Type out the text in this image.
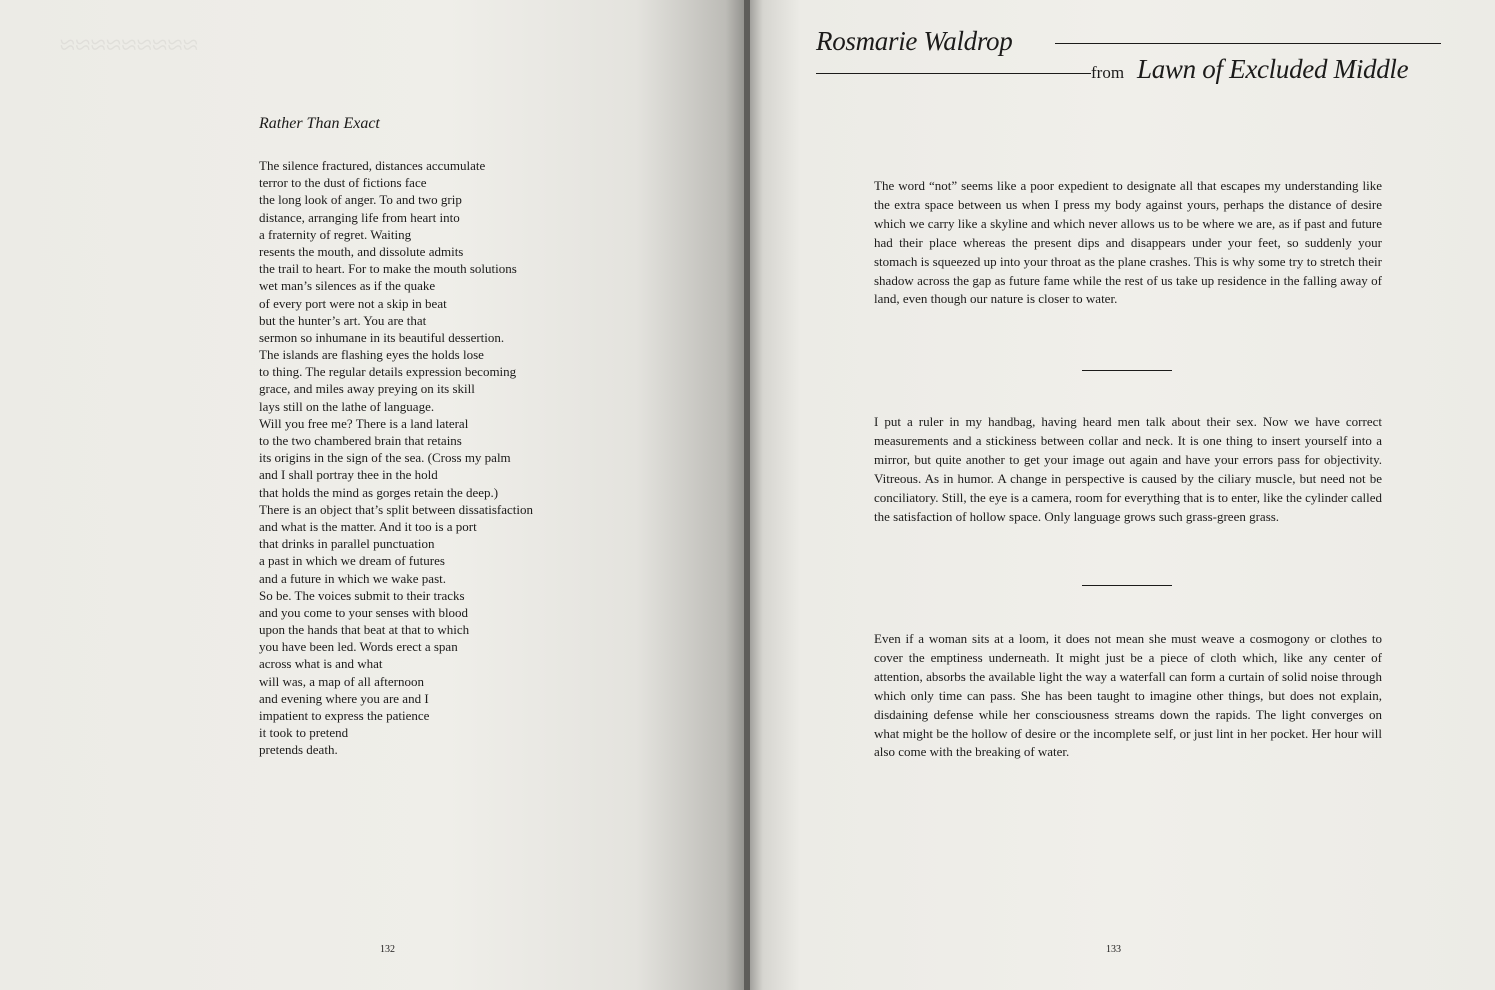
≈≈≈≈≈≈≈≈≈
Rather Than Exact
The silence fractured, distances accumulate
terror to the dust of fictions face
the long look of anger. To and two grip
distance, arranging life from heart into
a fraternity of regret. Waiting
resents the mouth, and dissolute admits
the trail to heart. For to make the mouth solutions
wet man’s silences as if the quake
of every port were not a skip in beat
but the hunter’s art. You are that
sermon so inhumane in its beautiful dessertion.
The islands are flashing eyes the holds lose
to thing. The regular details expression becoming
grace, and miles away preying on its skill
lays still on the lathe of language.
Will you free me? There is a land lateral
to the two chambered brain that retains
its origins in the sign of the sea. (Cross my palm
and I shall portray thee in the hold
that holds the mind as gorges retain the deep.)
There is an object that’s split between dissatisfaction
and what is the matter. And it too is a port
that drinks in parallel punctuation
a past in which we dream of futures
and a future in which we wake past.
So be. The voices submit to their tracks
and you come to your senses with blood
upon the hands that beat at that to which
you have been led. Words erect a span
across what is and what
will was, a map of all afternoon
and evening where you are and I
impatient to express the patience
it took to pretend
pretends death.
132
Rosmarie Waldrop
from Lawn of Excluded Middle

The word “not” seems like a poor expedient to designate all that escapes my understanding like the extra space between us when I press my body against yours, perhaps the distance of desire which we carry like a skyline and which never allows us to be where we are, as if past and future had their place whereas the present dips and disappears under your feet, so suddenly your stomach is squeezed up into your throat as the plane crashes. This is why some try to stretch their shadow across the gap as future fame while the rest of us take up residence in the falling away of land, even though our nature is closer to water.

I put a ruler in my handbag, having heard men talk about their sex. Now we have correct measurements and a stickiness between collar and neck. It is one thing to insert yourself into a mirror, but quite another to get your image out again and have your errors pass for objectivity. Vitreous. As in humor. A change in perspective is caused by the ciliary muscle, but need not be conciliatory. Still, the eye is a camera, room for everything that is to enter, like the cylinder called the satisfaction of hollow space. Only language grows such grass-green grass.

Even if a woman sits at a loom, it does not mean she must weave a cosmogony or clothes to cover the emptiness underneath. It might just be a piece of cloth which, like any center of attention, absorbs the available light the way a waterfall can form a curtain of solid noise through which only time can pass. She has been taught to imagine other things, but does not explain, disdaining defense while her consciousness streams down the rapids. The light converges on what might be the hollow of desire or the incomplete self, or just lint in her pocket. Her hour will also come with the breaking of water.

133
